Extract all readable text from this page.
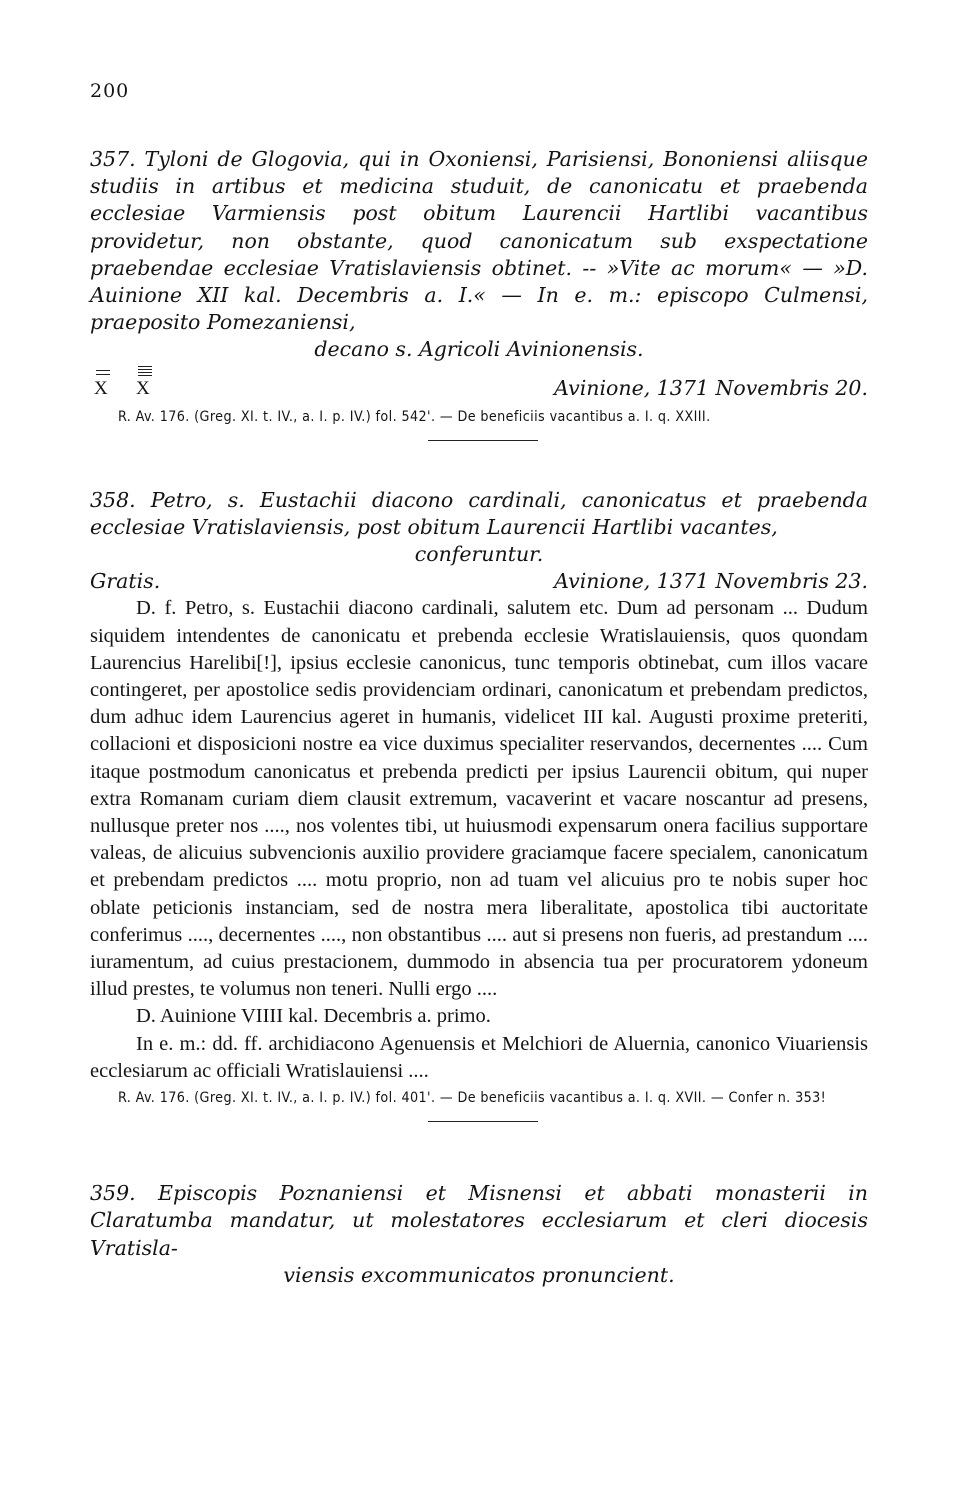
200

357. Tyloni de Glogovia, qui in Oxoniensi, Parisiensi, Bononiensi aliisque studiis in artibus et medicina studuit, de canonicatu et praebenda ecclesiae Varmiensis post obitum Laurencii Hartlibi vacantibus providetur, non obstante, quod canonicatum sub exspectatione praebendae ecclesiae Vratislaviensis obtinet. -- »Vite ac morum« — »D. Auinione XII kal. Decembris a. I.« — In e. m.: episcopo Culmensi, praeposito Pomezaniensi,

decano s. Agricoli Avinionensis.

X X	Avinione, 1371 Novembris 20.

R. Av. 176. (Greg. XI. t. IV., a. I. p. IV.) fol. 542'. — De beneficiis vacantibus a. I. q. XXIII.

358. Petro, s. Eustachii diacono cardinali, canonicatus et praebenda ecclesiae Vratislaviensis, post obitum Laurencii Hartlibi vacantes,

conferuntur.

Gratis.	Avinione, 1371 Novembris 23.

D. f. Petro, s. Eustachii diacono cardinali, salutem etc. Dum ad personam ... Dudum siquidem intendentes de canonicatu et prebenda ecclesie Wratislauiensis, quos quondam Laurencius Harelibi[!], ipsius ecclesie canonicus, tunc temporis obtinebat, cum illos vacare contingeret, per apostolice sedis providenciam ordinari, canonicatum et prebendam predictos, dum adhuc idem Laurencius ageret in humanis, videlicet III kal. Augusti proxime preteriti, collacioni et disposicioni nostre ea vice duximus specialiter reservandos, decernentes .... Cum itaque postmodum canonicatus et prebenda predicti per ipsius Laurencii obitum, qui nuper extra Romanam curiam diem clausit extremum, vacaverint et vacare noscantur ad presens, nullusque preter nos ...., nos volentes tibi, ut huiusmodi expensarum onera facilius supportare valeas, de alicuius subvencionis auxilio providere graciamque facere specialem, canonicatum et prebendam predictos .... motu proprio, non ad tuam vel alicuius pro te nobis super hoc oblate peticionis instanciam, sed de nostra mera liberalitate, apostolica tibi auctoritate conferimus ...., decernentes ...., non obstantibus .... aut si presens non fueris, ad prestandum .... iuramentum, ad cuius prestacionem, dummodo in absencia tua per procuratorem ydoneum illud prestes, te volumus non teneri. Nulli ergo ....

D. Auinione VIIII kal. Decembris a. primo.

In e. m.: dd. ff. archidiacono Agenuensis et Melchiori de Aluernia, canonico Viuariensis ecclesiarum ac officiali Wratislauiensi ....

R. Av. 176. (Greg. XI. t. IV., a. I. p. IV.) fol. 401'. — De beneficiis vacantibus a. I. q. XVII. — Confer n. 353!

359. Episcopis Poznaniensi et Misnensi et abbati monasterii in Claratumba mandatur, ut molestatores ecclesiarum et cleri diocesis Vratisla-

viensis excommunicatos pronuncient.
